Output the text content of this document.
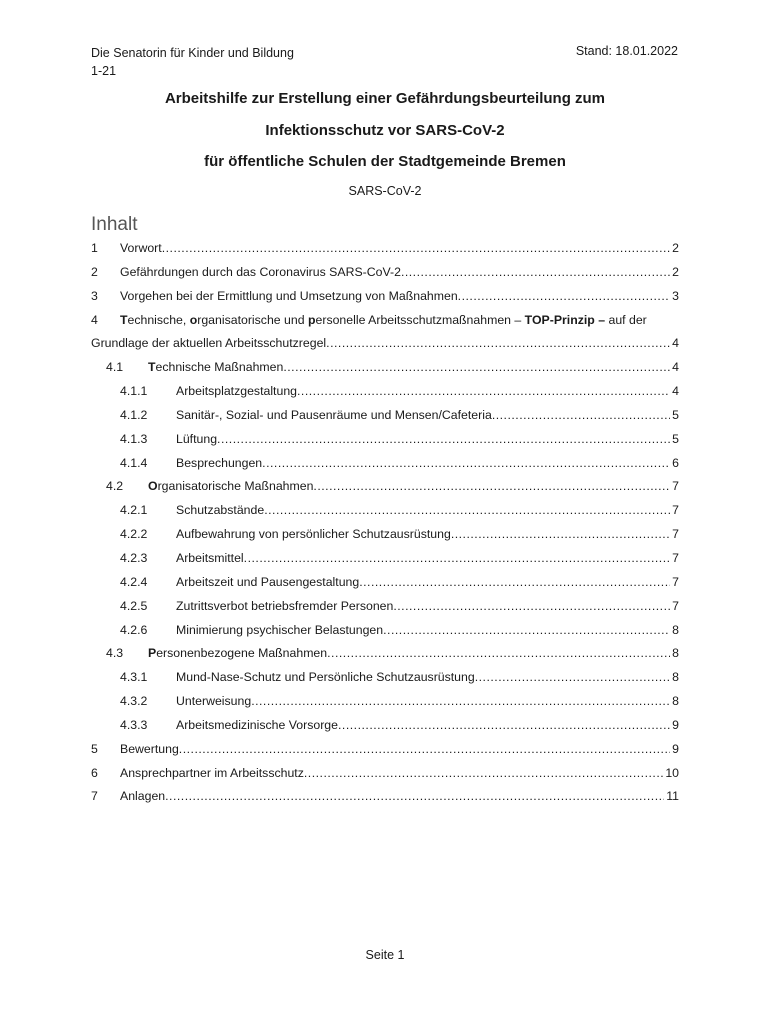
Die Senatorin für Kinder und Bildung
1-21
Stand: 18.01.2022
Arbeitshilfe zur Erstellung einer Gefährdungsbeurteilung zum
Infektionsschutz vor SARS-CoV-2
für öffentliche Schulen der Stadtgemeinde Bremen
SARS-CoV-2
Inhalt
1	Vorwort .....	2
2	Gefährdungen durch das Coronavirus SARS-CoV-2 .....	2
3	Vorgehen bei der Ermittlung und Umsetzung von Maßnahmen .....	3
4 Technische, organisatorische und personelle Arbeitsschutzmaßnahmen – TOP-Prinzip – auf der
Grundlage der aktuellen Arbeitsschutzregel .....	4
4.1	Technische Maßnahmen .....	4
4.1.1	Arbeitsplatzgestaltung .....	4
4.1.2	Sanitär-, Sozial- und Pausenräume und Mensen/Cafeteria .....	5
4.1.3	Lüftung .....	5
4.1.4	Besprechungen .....	6
4.2	Organisatorische Maßnahmen .....	7
4.2.1	Schutzabstände .....	7
4.2.2	Aufbewahrung von persönlicher Schutzausrüstung .....	7
4.2.3	Arbeitsmittel .....	7
4.2.4	Arbeitszeit und Pausengestaltung .....	7
4.2.5	Zutrittsverbot betriebsfremder Personen .....	7
4.2.6	Minimierung psychischer Belastungen .....	8
4.3	Personenbezogene Maßnahmen .....	8
4.3.1	Mund-Nase-Schutz und Persönliche Schutzausrüstung .....	8
4.3.2	Unterweisung .....	8
4.3.3	Arbeitsmedizinische Vorsorge .....	9
5	Bewertung .....	9
6	Ansprechpartner im Arbeitsschutz .....	10
7	Anlagen .....	11
Seite 1
